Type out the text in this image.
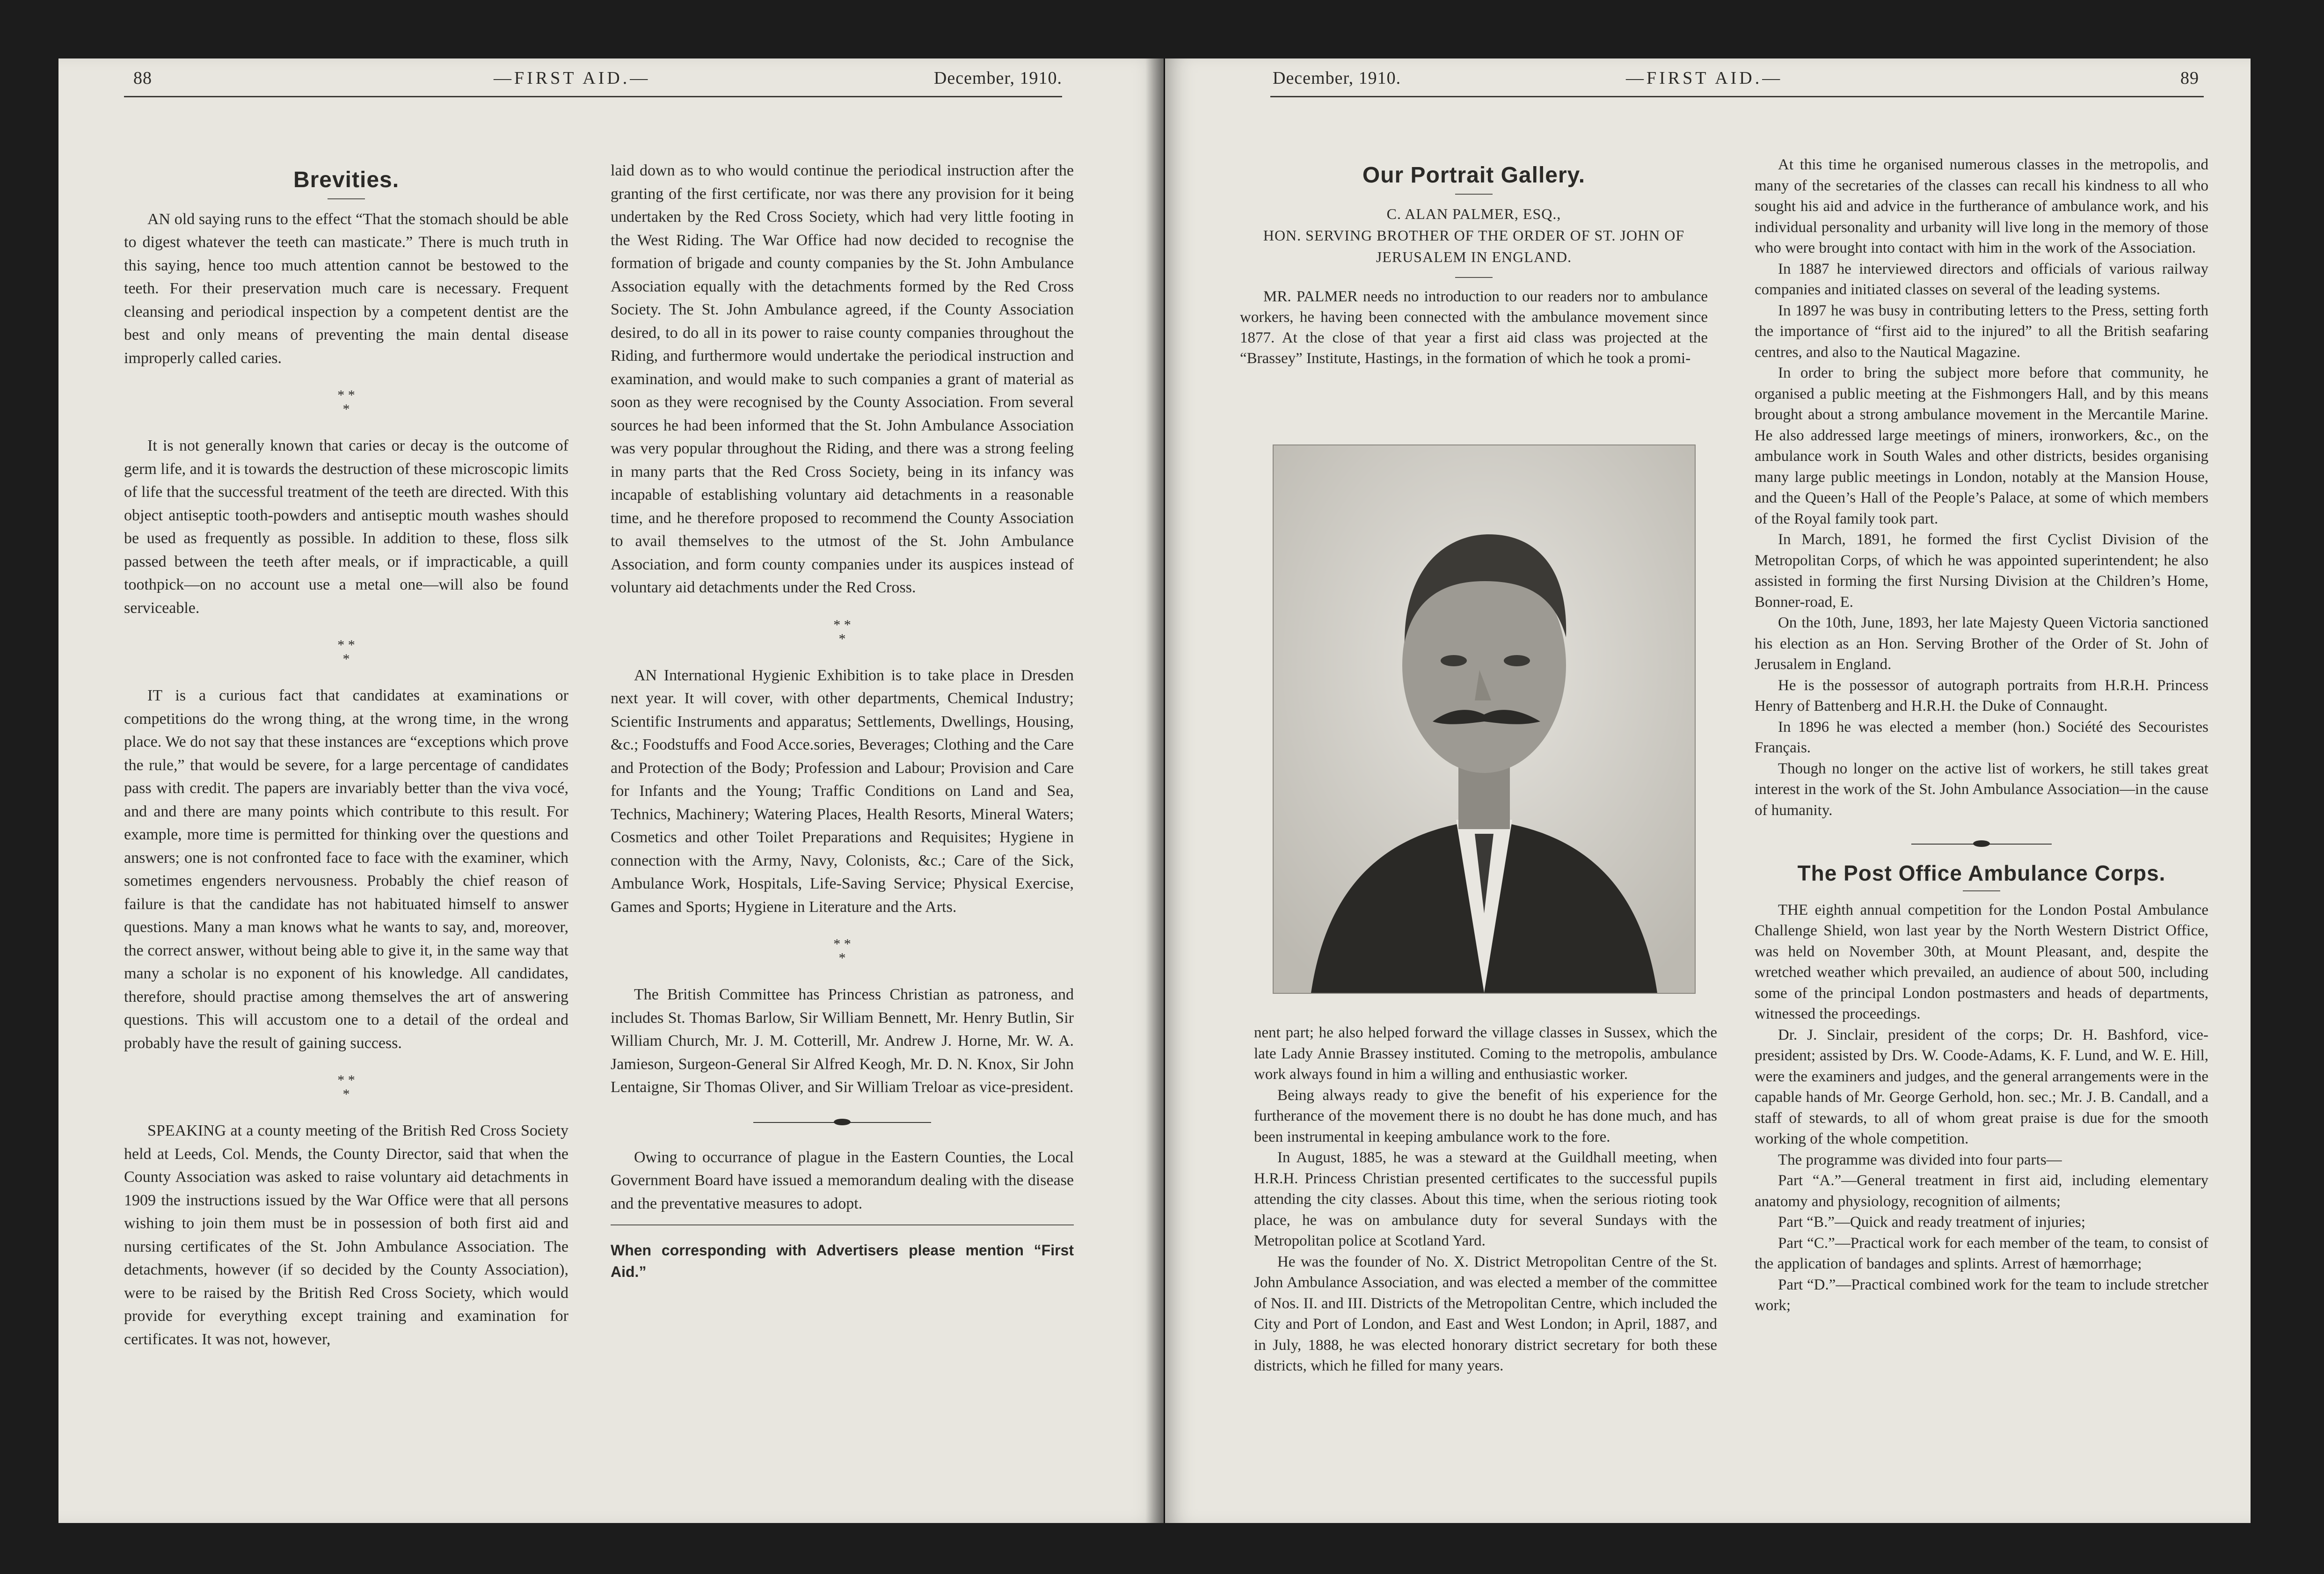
88	—FIRST AID.—	December, 1910.
Brevities.

AN old saying runs to the effect “That the stomach should be able to digest whatever the teeth can masticate.” There is much truth in this saying, hence too much attention cannot be bestowed to the teeth. For their preservation much care is necessary. Frequent cleansing and periodical inspection by a competent dentist are the best and only means of preventing the main dental disease improperly called caries.

* *
*

It is not generally known that caries or decay is the outcome of germ life, and it is towards the destruction of these microscopic limits of life that the successful treatment of the teeth are directed. With this object antiseptic tooth-powders and antiseptic mouth washes should be used as frequently as possible. In addition to these, floss silk passed between the teeth after meals, or if impracticable, a quill toothpick—on no account use a metal one—will also be found serviceable.

* *
*

IT is a curious fact that candidates at examinations or competitions do the wrong thing, at the wrong time, in the wrong place. We do not say that these instances are “exceptions which prove the rule,” that would be severe, for a large percentage of candidates pass with credit. The papers are invariably better than the viva vocé, and and there are many points which contribute to this result. For example, more time is permitted for thinking over the questions and answers; one is not confronted face to face with the examiner, which sometimes engenders nervousness. Probably the chief reason of failure is that the candidate has not habituated himself to answer questions. Many a man knows what he wants to say, and, moreover, the correct answer, without being able to give it, in the same way that many a scholar is no exponent of his knowledge. All candidates, therefore, should practise among themselves the art of answering questions. This will accustom one to a detail of the ordeal and probably have the result of gaining success.

* *
*

SPEAKING at a county meeting of the British Red Cross Society held at Leeds, Col. Mends, the County Director, said that when the County Association was asked to raise voluntary aid detachments in 1909 the instructions issued by the War Office were that all persons wishing to join them must be in possession of both first aid and nursing certificates of the St. John Ambulance Association. The detachments, however (if so decided by the County Association), were to be raised by the British Red Cross Society, which would provide for everything except training and examination for certificates. It was not, however,

laid down as to who would continue the periodical instruction after the granting of the first certificate, nor was there any provision for it being undertaken by the Red Cross Society, which had very little footing in the West Riding. The War Office had now decided to recognise the formation of brigade and county companies by the St. John Ambulance Association equally with the detachments formed by the Red Cross Society. The St. John Ambulance agreed, if the County Association desired, to do all in its power to raise county companies throughout the Riding, and furthermore would undertake the periodical instruction and examination, and would make to such companies a grant of material as soon as they were recognised by the County Association. From several sources he had been informed that the St. John Ambulance Association was very popular throughout the Riding, and there was a strong feeling in many parts that the Red Cross Society, being in its infancy was incapable of establishing voluntary aid detachments in a reasonable time, and he therefore proposed to recommend the County Association to avail themselves to the utmost of the St. John Ambulance Association, and form county companies under its auspices instead of voluntary aid detachments under the Red Cross.

* *
*

AN International Hygienic Exhibition is to take place in Dresden next year. It will cover, with other departments, Chemical Industry; Scientific Instruments and apparatus; Settlements, Dwellings, Housing, &c.; Foodstuffs and Food Acce.sories, Beverages; Clothing and the Care and Protection of the Body; Profession and Labour; Provision and Care for Infants and the Young; Traffic Conditions on Land and Sea, Technics, Machinery; Watering Places, Health Resorts, Mineral Waters; Cosmetics and other Toilet Preparations and Requisites; Hygiene in connection with the Army, Navy, Colonists, &c.; Care of the Sick, Ambulance Work, Hospitals, Life-Saving Service; Physical Exercise, Games and Sports; Hygiene in Literature and the Arts.

* *
*

The British Committee has Princess Christian as patroness, and includes St. Thomas Barlow, Sir William Bennett, Mr. Henry Butlin, Sir William Church, Mr. J. M. Cotterill, Mr. Andrew J. Horne, Mr. W. A. Jamieson, Surgeon-General Sir Alfred Keogh, Mr. D. N. Knox, Sir John Lentaigne, Sir Thomas Oliver, and Sir William Treloar as vice-president.

Owing to occurrance of plague in the Eastern Counties, the Local Government Board have issued a memorandum dealing with the disease and the preventative measures to adopt.

When corresponding with Advertisers please mention “First Aid.”
December, 1910.	—FIRST AID.—	89
Our Portrait Gallery.
C. ALAN PALMER, ESQ.,
HON. SERVING BROTHER OF THE ORDER OF ST. JOHN OF JERUSALEM IN ENGLAND.

MR. PALMER needs no introduction to our readers nor to ambulance workers, he having been connected with the ambulance movement since 1877. At the close of that year a first aid class was projected at the “Brassey” Institute, Hastings, in the formation of which he took a promi-

nent part; he also helped forward the village classes in Sussex, which the late Lady Annie Brassey instituted. Coming to the metropolis, ambulance work always found in him a willing and enthusiastic worker.

Being always ready to give the benefit of his experience for the furtherance of the movement there is no doubt he has done much, and has been instrumental in keeping ambulance work to the fore.

In August, 1885, he was a steward at the Guildhall meeting, when H.R.H. Princess Christian presented certificates to the successful pupils attending the city classes. About this time, when the serious rioting took place, he was on ambulance duty for several Sundays with the Metropolitan police at Scotland Yard.

He was the founder of No. X. District Metropolitan Centre of the St. John Ambulance Association, and was elected a member of the committee of Nos. II. and III. Districts of the Metropolitan Centre, which included the City and Port of London, and East and West London; in April, 1887, and in July, 1888, he was elected honorary district secretary for both these districts, which he filled for many years.

At this time he organised numerous classes in the metropolis, and many of the secretaries of the classes can recall his kindness to all who sought his aid and advice in the furtherance of ambulance work, and his individual personality and urbanity will live long in the memory of those who were brought into contact with him in the work of the Association.

In 1887 he interviewed directors and officials of various railway companies and initiated classes on several of the leading systems.

In 1897 he was busy in contributing letters to the Press, setting forth the importance of “first aid to the injured” to all the British seafaring centres, and also to the Nautical Magazine.

In order to bring the subject more before that community, he organised a public meeting at the Fishmongers Hall, and by this means brought about a strong ambulance movement in the Mercantile Marine. He also addressed large meetings of miners, ironworkers, &c., on the ambulance work in South Wales and other districts, besides organising many large public meetings in London, notably at the Mansion House, and the Queen’s Hall of the People’s Palace, at some of which members of the Royal family took part.

In March, 1891, he formed the first Cyclist Division of the Metropolitan Corps, of which he was appointed superintendent; he also assisted in forming the first Nursing Division at the Children’s Home, Bonner-road, E.

On the 10th, June, 1893, her late Majesty Queen Victoria sanctioned his election as an Hon. Serving Brother of the Order of St. John of Jerusalem in England.

He is the possessor of autograph portraits from H.R.H. Princess Henry of Battenberg and H.R.H. the Duke of Connaught.

In 1896 he was elected a member (hon.) Société des Secouristes Français.

Though no longer on the active list of workers, he still takes great interest in the work of the St. John Ambulance Association—in the cause of humanity.

The Post Office Ambulance Corps.

THE eighth annual competition for the London Postal Ambulance Challenge Shield, won last year by the North Western District Office, was held on November 30th, at Mount Pleasant, and, despite the wretched weather which prevailed, an audience of about 500, including some of the principal London postmasters and heads of departments, witnessed the proceedings.

Dr. J. Sinclair, president of the corps; Dr. H. Bashford, vice-president; assisted by Drs. W. Coode-Adams, K. F. Lund, and W. E. Hill, were the examiners and judges, and the general arrangements were in the capable hands of Mr. George Gerhold, hon. sec.; Mr. J. B. Candall, and a staff of stewards, to all of whom great praise is due for the smooth working of the whole competition.

The programme was divided into four parts—

Part “A.”—General treatment in first aid, including elementary anatomy and physiology, recognition of ailments;

Part “B.”—Quick and ready treatment of injuries;

Part “C.”—Practical work for each member of the team, to consist of the application of bandages and splints. Arrest of hæmorrhage;

Part “D.”—Practical combined work for the team to include stretcher work;
